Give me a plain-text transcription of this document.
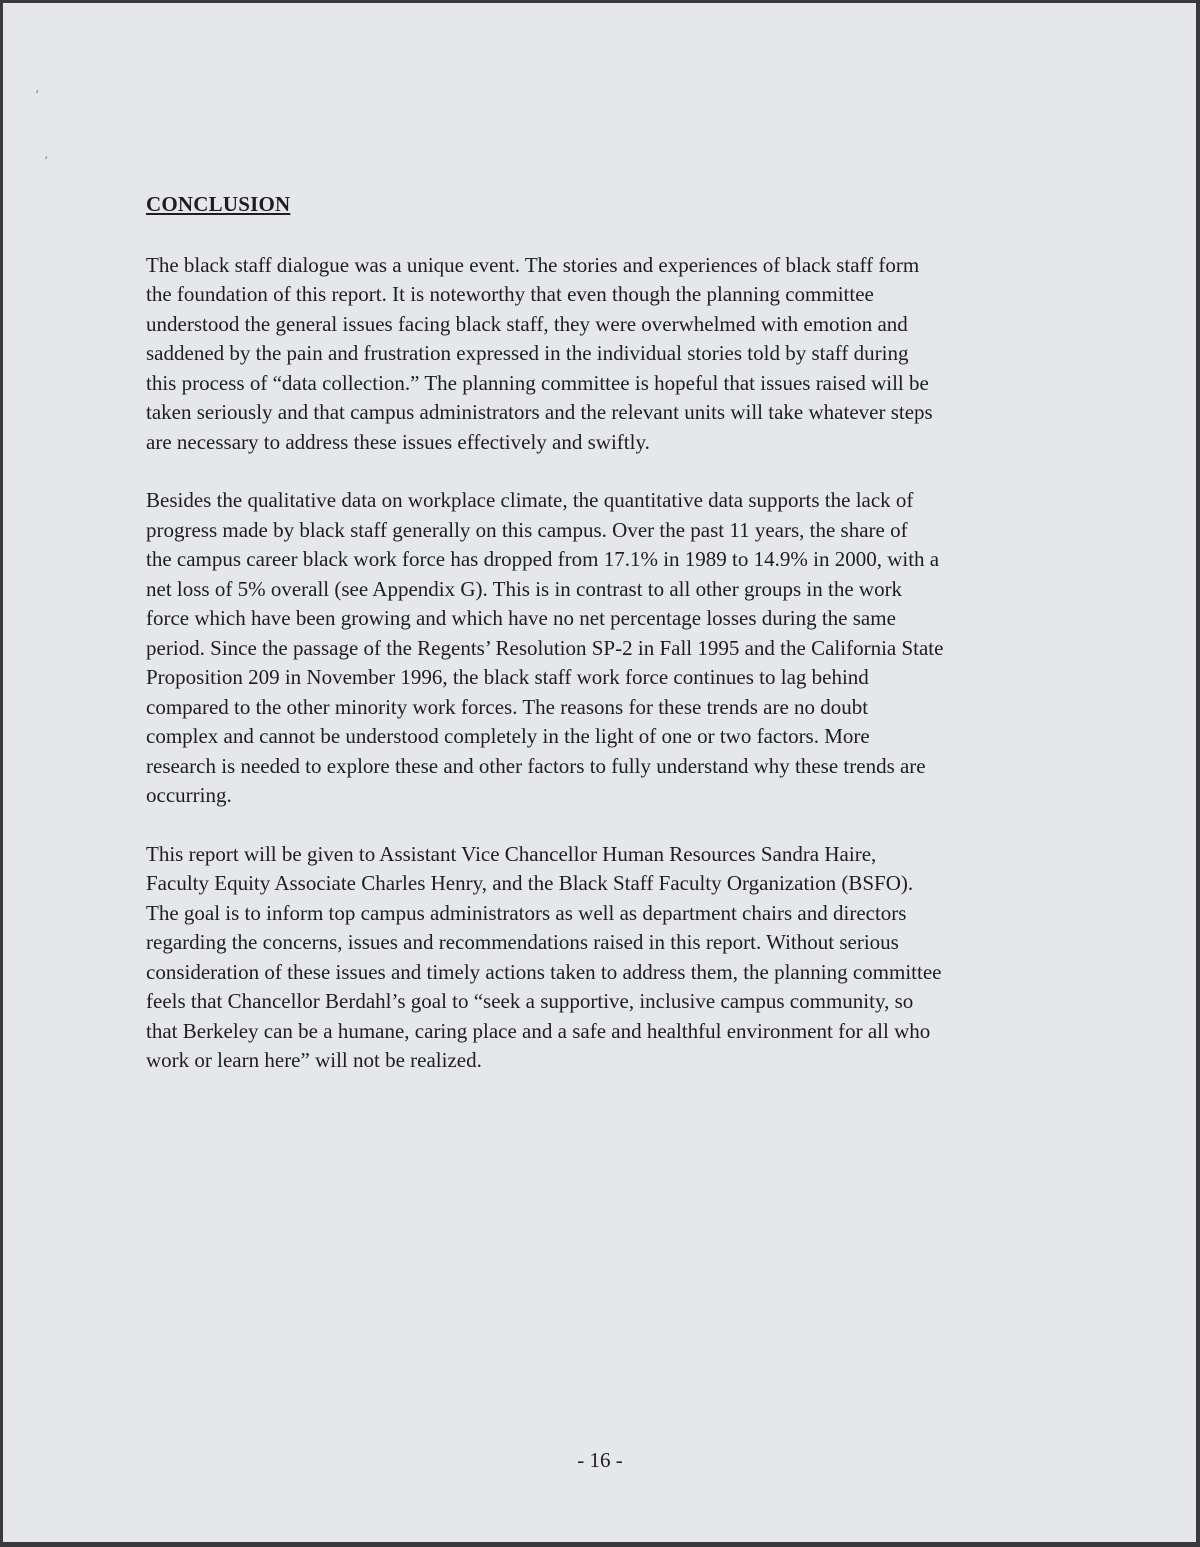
′
′
CONCLUSION
The black staff dialogue was a unique event. The stories and experiences of black staff form
the foundation of this report. It is noteworthy that even though the planning committee
understood the general issues facing black staff, they were overwhelmed with emotion and
saddened by the pain and frustration expressed in the individual stories told by staff during
this process of “data collection.” The planning committee is hopeful that issues raised will be
taken seriously and that campus administrators and the relevant units will take whatever steps
are necessary to address these issues effectively and swiftly.
Besides the qualitative data on workplace climate, the quantitative data supports the lack of
progress made by black staff generally on this campus. Over the past 11 years, the share of
the campus career black work force has dropped from 17.1% in 1989 to 14.9% in 2000, with a
net loss of 5% overall (see Appendix G). This is in contrast to all other groups in the work
force which have been growing and which have no net percentage losses during the same
period. Since the passage of the Regents’ Resolution SP-2 in Fall 1995 and the California State
Proposition 209 in November 1996, the black staff work force continues to lag behind
compared to the other minority work forces. The reasons for these trends are no doubt
complex and cannot be understood completely in the light of one or two factors. More
research is needed to explore these and other factors to fully understand why these trends are
occurring.
This report will be given to Assistant Vice Chancellor Human Resources Sandra Haire,
Faculty Equity Associate Charles Henry, and the Black Staff Faculty Organization (BSFO).
The goal is to inform top campus administrators as well as department chairs and directors
regarding the concerns, issues and recommendations raised in this report. Without serious
consideration of these issues and timely actions taken to address them, the planning committee
feels that Chancellor Berdahl’s goal to “seek a supportive, inclusive campus community, so
that Berkeley can be a humane, caring place and a safe and healthful environment for all who
work or learn here” will not be realized.
- 16 -
